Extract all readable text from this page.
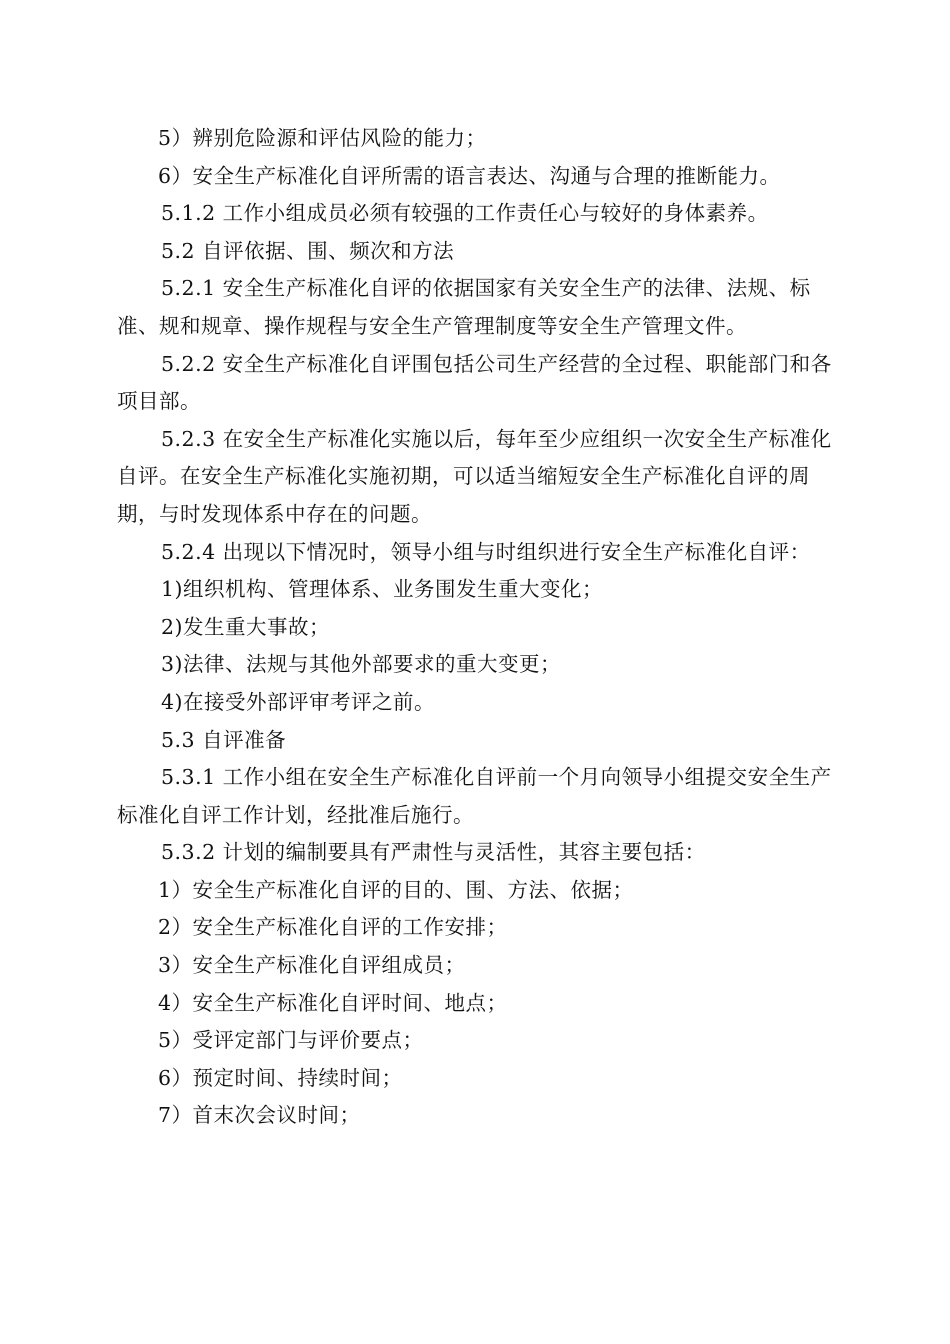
5）辨别危险源和评估风险的能力；

6）安全生产标准化自评所需的语言表达、沟通与合理的推断能力。

5.1.2 工作小组成员必须有较强的工作责任心与较好的身体素养。

5.2 自评依据、围、频次和方法

5.2.1 安全生产标准化自评的依据国家有关安全生产的法律、法规、标准、规和规章、操作规程与安全生产管理制度等安全生产管理文件。

5.2.2 安全生产标准化自评围包括公司生产经营的全过程、职能部门和各项目部。

5.2.3 在安全生产标准化实施以后，每年至少应组织一次安全生产标准化自评。在安全生产标准化实施初期，可以适当缩短安全生产标准化自评的周期，与时发现体系中存在的问题。

5.2.4 出现以下情况时，领导小组与时组织进行安全生产标准化自评：

1)组织机构、管理体系、业务围发生重大变化；

2)发生重大事故；

3)法律、法规与其他外部要求的重大变更；

4)在接受外部评审考评之前。

5.3 自评准备

5.3.1 工作小组在安全生产标准化自评前一个月向领导小组提交安全生产标准化自评工作计划，经批准后施行。

5.3.2 计划的编制要具有严肃性与灵活性，其容主要包括：

1）安全生产标准化自评的目的、围、方法、依据；

2）安全生产标准化自评的工作安排；

3）安全生产标准化自评组成员；

4）安全生产标准化自评时间、地点；

5）受评定部门与评价要点；

6）预定时间、持续时间；

7）首末次会议时间；
